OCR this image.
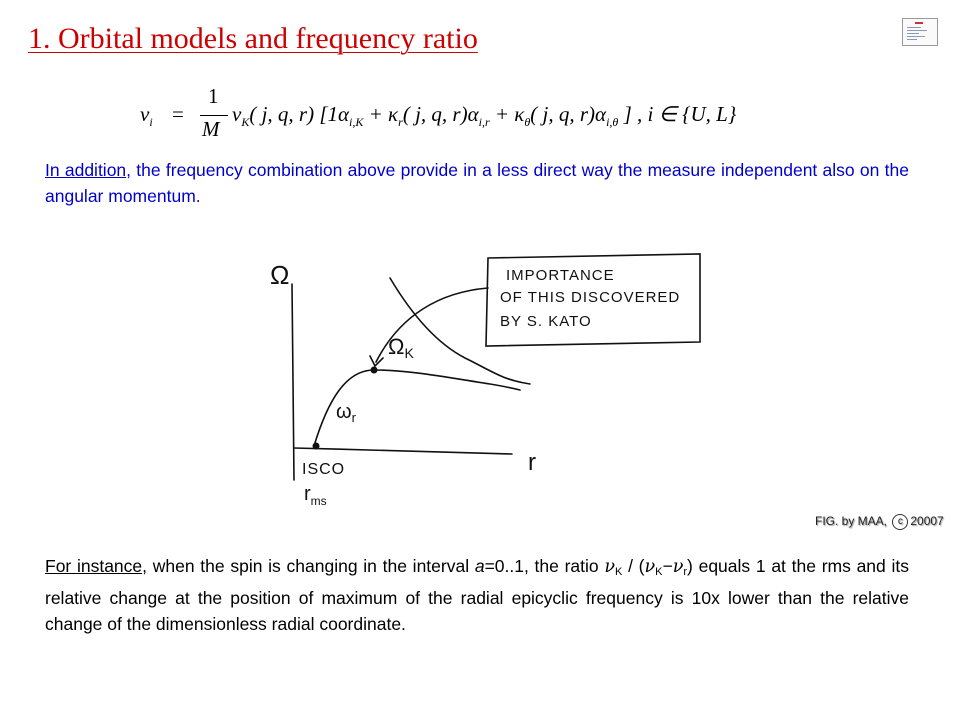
1. Orbital models and frequency ratio
$\nu_i$ =
1
M
$\nu_K$( j, q, r) [$1\alpha_{i,K} + \kappa_r$( j, q, $r)\alpha_{i,r} + \kappa_\theta$( j, q, $r)\alpha_{i,\theta}$ ] , i ∈ {U, L}
In addition, the frequency combination above provide in a less direct way the measure independent also on the angular momentum.
Ω
r
ΩK
$\omega_r$
ISCO
$r_{ms}$
IMPORTANCE
OF THIS DISCOVERED
BY S. KATO
FIG. by MAA, c 20007
For instance, when the spin is changing in the interval a=0..1, the ratio $\nu_K / (\nu_K-\nu_r)$ equals 1 at the rms and its relative change at the position of maximum of the radial epicyclic frequency is 10x lower than the relative change of the dimensionless radial coordinate.
